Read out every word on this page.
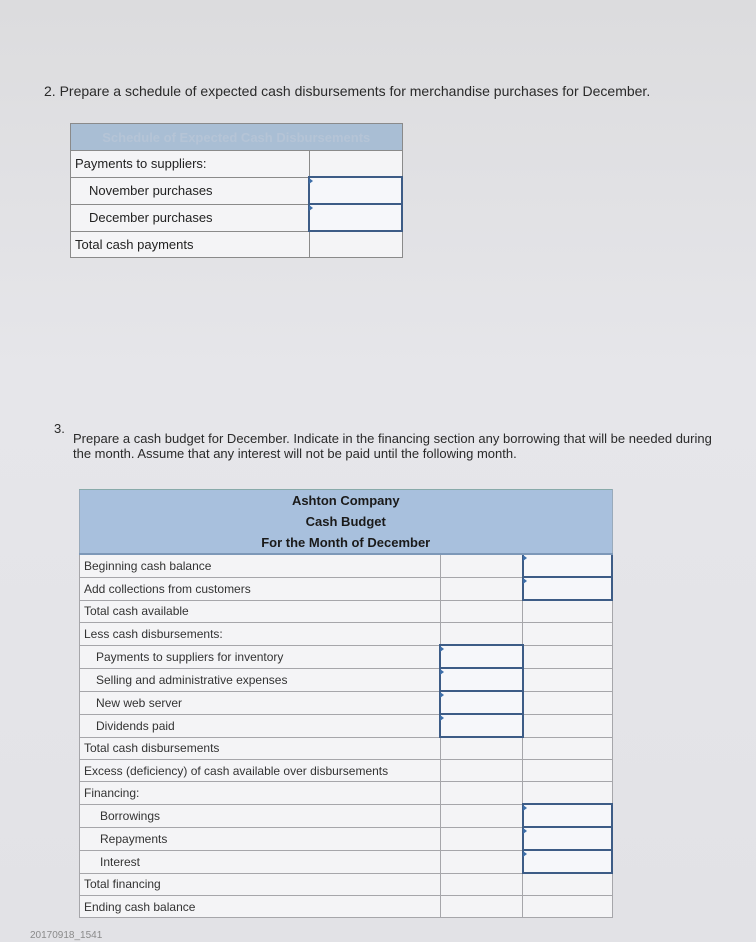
2. Prepare a schedule of expected cash disbursements for merchandise purchases for December.
Schedule of Expected Cash Disbursements	
Payments to suppliers:	
November purchases	
December purchases	
Total cash payments	
3.
Prepare a cash budget for December. Indicate in the financing section any borrowing that will be needed during the month. Assume that any interest will not be paid until the following month.
Ashton Company		
Cash Budget		
For the Month of December		
Beginning cash balance		
Add collections from customers		
Total cash available		
Less cash disbursements:		
Payments to suppliers for inventory		
Selling and administrative expenses		
New web server		
Dividends paid		
Total cash disbursements		
Excess (deficiency) of cash available over disbursements		
Financing:		
Borrowings		
Repayments		
Interest		
Total financing		
Ending cash balance		
20170918_1541
